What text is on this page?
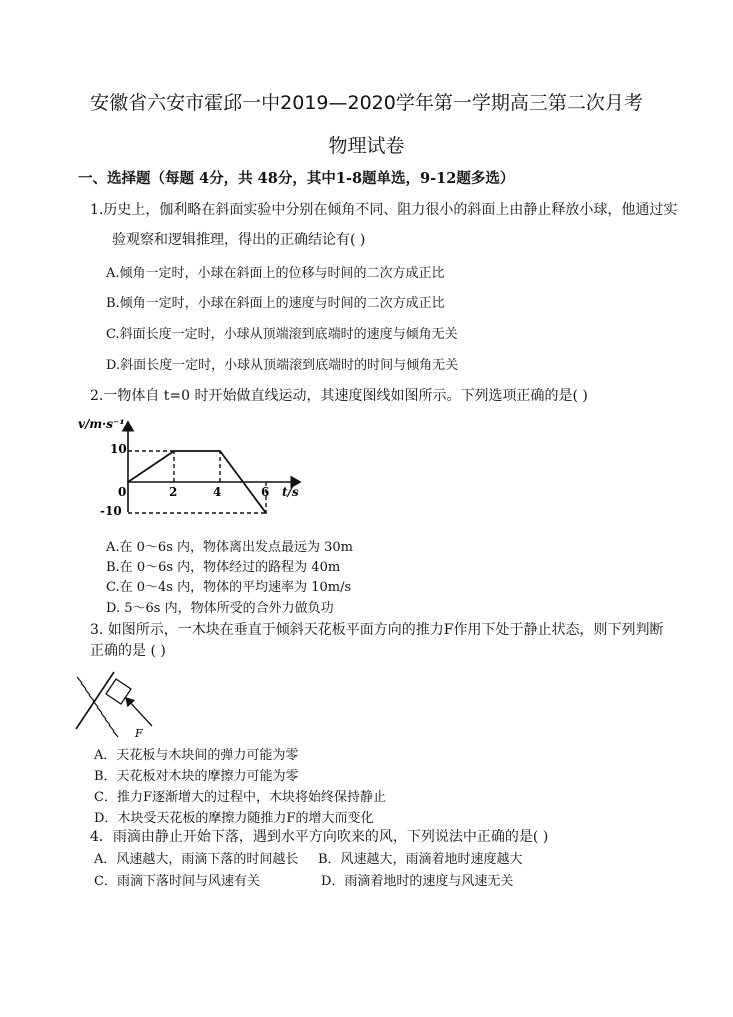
安徽省六安市霍邱一中2019—2020学年第一学期高三第二次月考
物理试卷
一、选择题（每题 4分，共 48分，其中1-8题单选，9-12题多选）
1.历史上，伽利略在斜面实验中分别在倾角不同、阻力很小的斜面上由静止释放小球，他通过实
验观察和逻辑推理，得出的正确结论有( )
A.倾角一定时，小球在斜面上的位移与时间的二次方成正比
B.倾角一定时，小球在斜面上的速度与时间的二次方成正比
C.斜面长度一定时，小球从顶端滚到底端时的速度与倾角无关
D.斜面长度一定时，小球从顶端滚到底端时的时间与倾角无关
2.一物体自 t=0 时开始做直线运动，其速度图线如图所示。下列选项正确的是( )
v/m·s⁻¹
t/s
10
-10
0	2	4	6
A.在 0～6s 内，物体离出发点最远为 30m
B.在 0～6s 内，物体经过的路程为 40m
C.在 0～4s 内，物体的平均速率为 10m/s
D. 5～6s 内，物体所受的合外力做负功
3. 如图所示，一木块在垂直于倾斜天花板平面方向的推力F作用下处于静止状态，则下列判断
正确的是 ( )
F
A．天花板与木块间的弹力可能为零
B．天花板对木块的摩擦力可能为零
C．推力F逐渐增大的过程中，木块将始终保持静止
D．木块受天花板的摩擦力随推力F的增大而变化
4．雨滴由静止开始下落，遇到水平方向吹来的风，下列说法中正确的是( )
A．风速越大，雨滴下落的时间越长 B．风速越大，雨滴着地时速度越大
C．雨滴下落时间与风速有关	D．雨滴着地时的速度与风速无关
